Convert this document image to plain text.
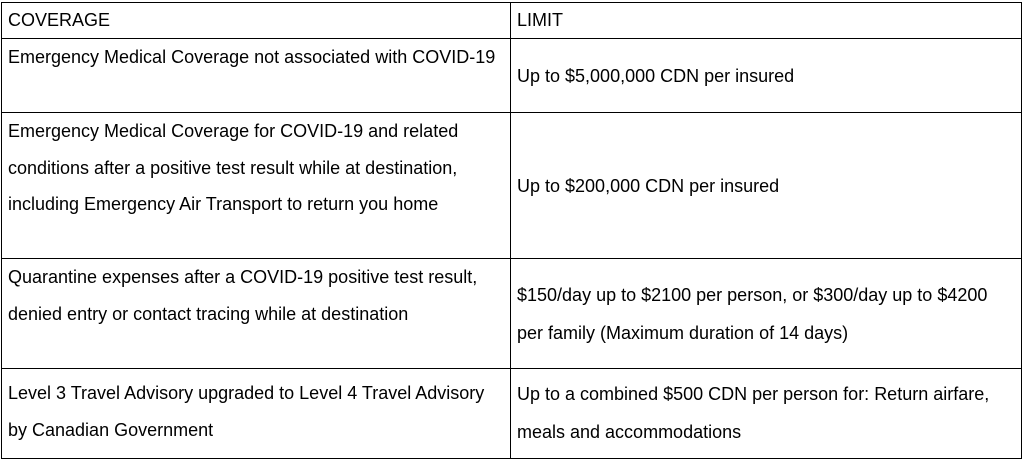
COVERAGE	LIMIT
Emergency Medical Coverage not associated with COVID-19	Up to $5,000,000 CDN per insured
Emergency Medical Coverage for COVID-19 and related conditions after a positive test result while at destination, including Emergency Air Transport to return you home	Up to $200,000 CDN per insured
Quarantine expenses after a COVID-19 positive test result, denied entry or contact tracing while at destination	$150/day up to $2100 per person, or $300/day up to $4200 per family (Maximum duration of 14 days)
Level 3 Travel Advisory upgraded to Level 4 Travel Advisory by Canadian Government	Up to a combined $500 CDN per person for: Return airfare, meals and accommodations
